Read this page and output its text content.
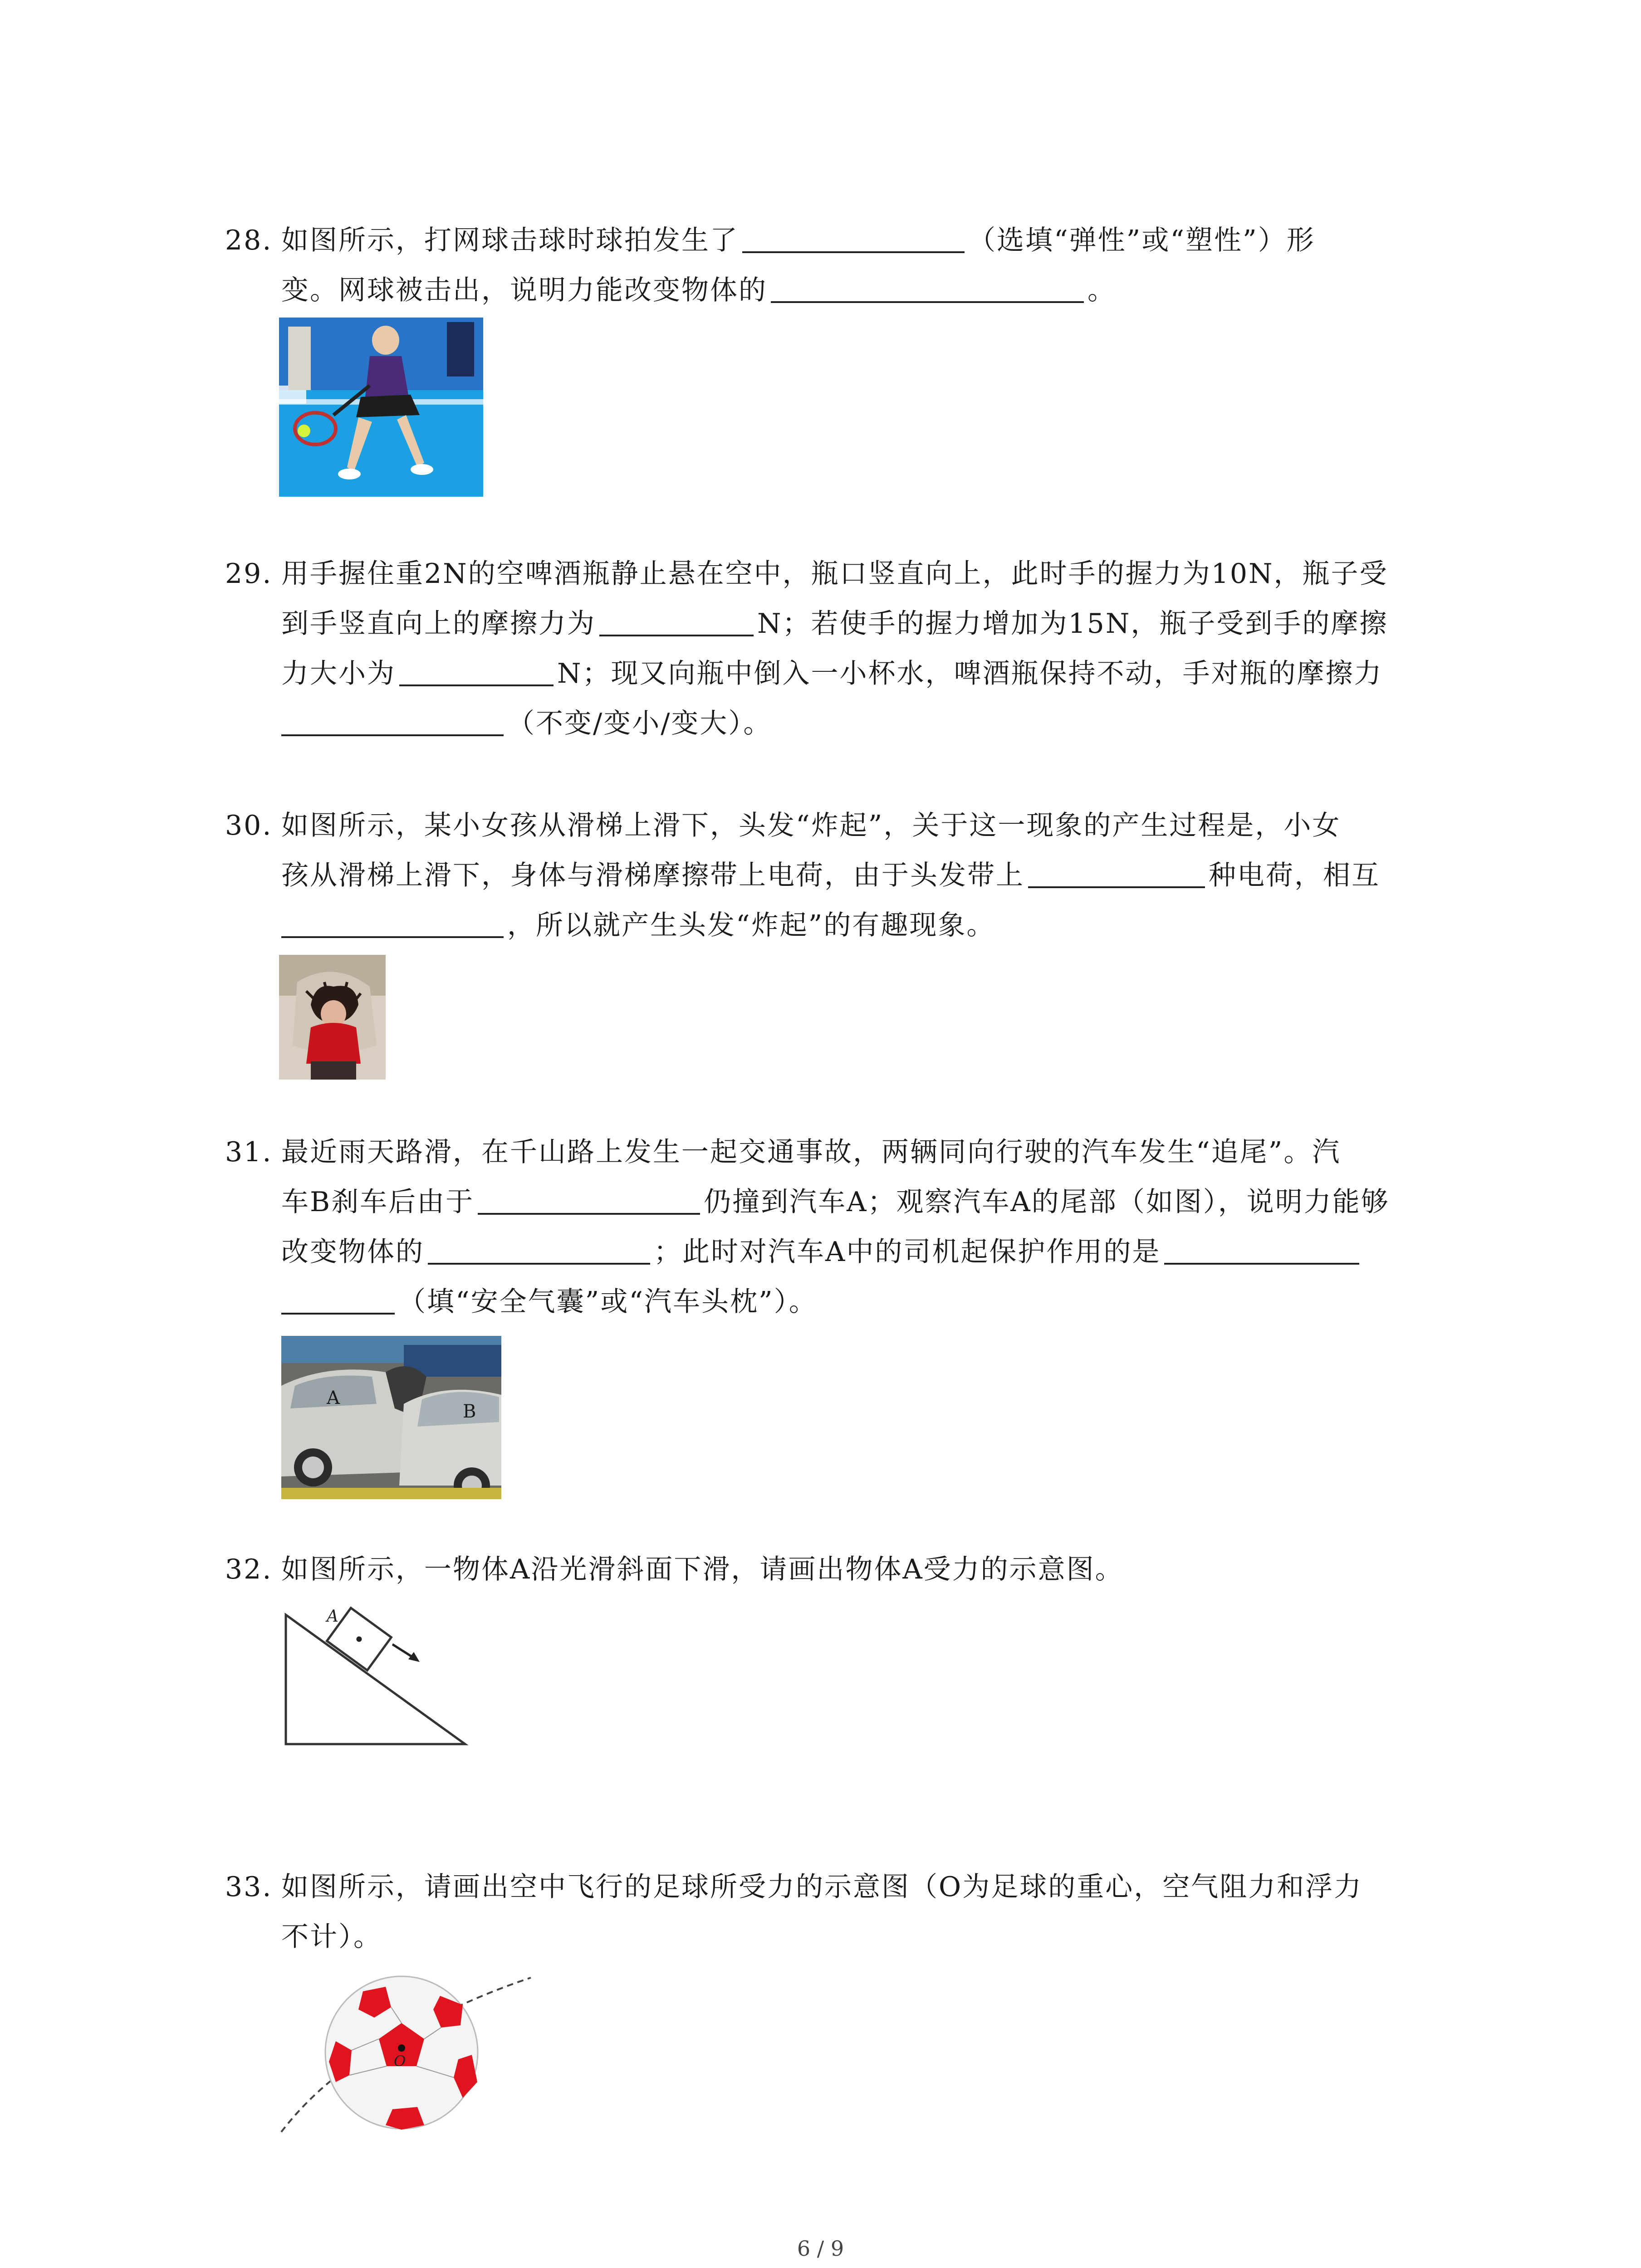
28. 如图所示，打网球击球时球拍发生了	（选填“弹性”或“塑性”）形
变。网球被击出，说明力能改变物体的	。
29. 用手握住重2N的空啤酒瓶静止悬在空中，瓶口竖直向上，此时手的握力为10N，瓶子受
到手竖直向上的摩擦力为	N；若使手的握力增加为15N，瓶子受到手的摩擦
力大小为	N；现又向瓶中倒入一小杯水，啤酒瓶保持不动，手对瓶的摩擦力
（不变/变小/变大）。
30. 如图所示，某小女孩从滑梯上滑下，头发“炸起”，关于这一现象的产生过程是，小女
孩从滑梯上滑下，身体与滑梯摩擦带上电荷，由于头发带上	种电荷，相互
，所以就产生头发“炸起”的有趣现象。
31. 最近雨天路滑，在千山路上发生一起交通事故，两辆同向行驶的汽车发生“追尾”。汽
车B刹车后由于	仍撞到汽车A；观察汽车A的尾部（如图），说明力能够
改变物体的	；此时对汽车A中的司机起保护作用的是
（填“安全气囊”或“汽车头枕”）。
A
B
32. 如图所示，一物体A沿光滑斜面下滑，请画出物体A受力的示意图。
A
33. 如图所示，请画出空中飞行的足球所受力的示意图（O为足球的重心，空气阻力和浮力
不计）。
O
6 / 9
